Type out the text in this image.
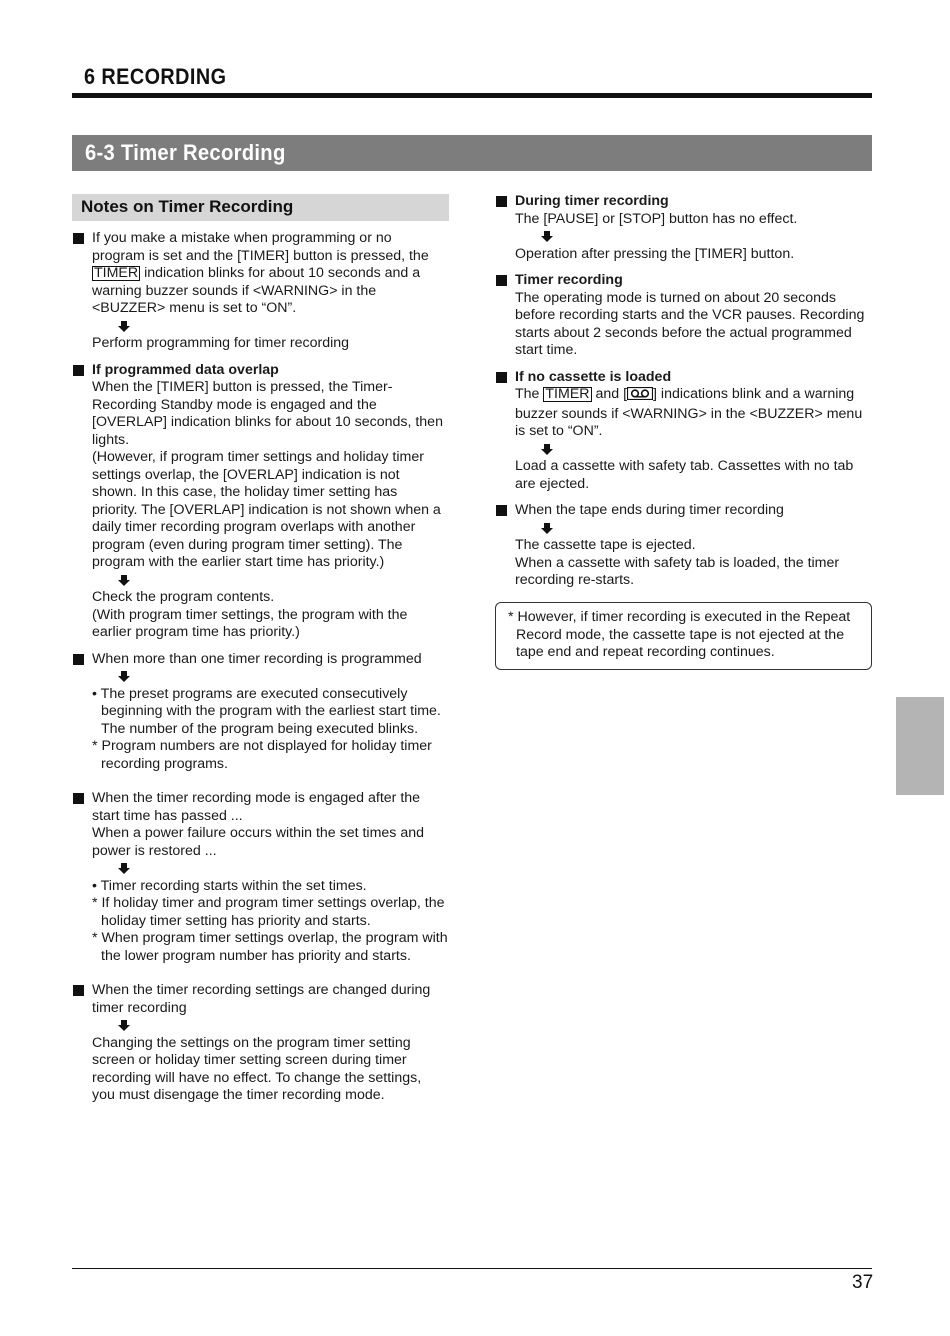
6 RECORDING
6-3 Timer Recording
Notes on Timer Recording

If you make a mistake when programming or no

program is set and the [TIMER] button is pressed, the

TIMER indication blinks for about 10 seconds and a

warning buzzer sounds if <WARNING> in the

<BUZZER> menu is set to “ON”.

Perform programming for timer recording

If programmed data overlap

When the [TIMER] button is pressed, the Timer-

Recording Standby mode is engaged and the

[OVERLAP] indication blinks for about 10 seconds, then

lights.

(However, if program timer settings and holiday timer

settings overlap, the [OVERLAP] indication is not

shown. In this case, the holiday timer setting has

priority. The [OVERLAP] indication is not shown when a

daily timer recording program overlaps with another

program (even during program timer setting). The

program with the earlier start time has priority.)

Check the program contents.

(With program timer settings, the program with the

earlier program time has priority.)

When more than one timer recording is programmed

• The preset programs are executed consecutively
beginning with the program with the earliest start time.
The number of the program being executed blinks.
* Program numbers are not displayed for holiday timer
recording programs.

When the timer recording mode is engaged after the

start time has passed ...

When a power failure occurs within the set times and

power is restored ...

• Timer recording starts within the set times.
* If holiday timer and program timer settings overlap, the
holiday timer setting has priority and starts.
* When program timer settings overlap, the program with
the lower program number has priority and starts.

When the timer recording settings are changed during

timer recording

Changing the settings on the program timer setting

screen or holiday timer setting screen during timer

recording will have no effect. To change the settings,

you must disengage the timer recording mode.

During timer recording

The [PAUSE] or [STOP] button has no effect.

Operation after pressing the [TIMER] button.

Timer recording

The operating mode is turned on about 20 seconds

before recording starts and the VCR pauses. Recording

starts about 2 seconds before the actual programmed

start time.

If no cassette is loaded

The TIMER and [ ] indications blink and a warning

buzzer sounds if <WARNING> in the <BUZZER> menu

is set to “ON”.

Load a cassette with safety tab. Cassettes with no tab

are ejected.

When the tape ends during timer recording

The cassette tape is ejected.

When a cassette with safety tab is loaded, the timer

recording re-starts.

* However, if timer recording is executed in the Repeat

Record mode, the cassette tape is not ejected at the

tape end and repeat recording continues.

37
